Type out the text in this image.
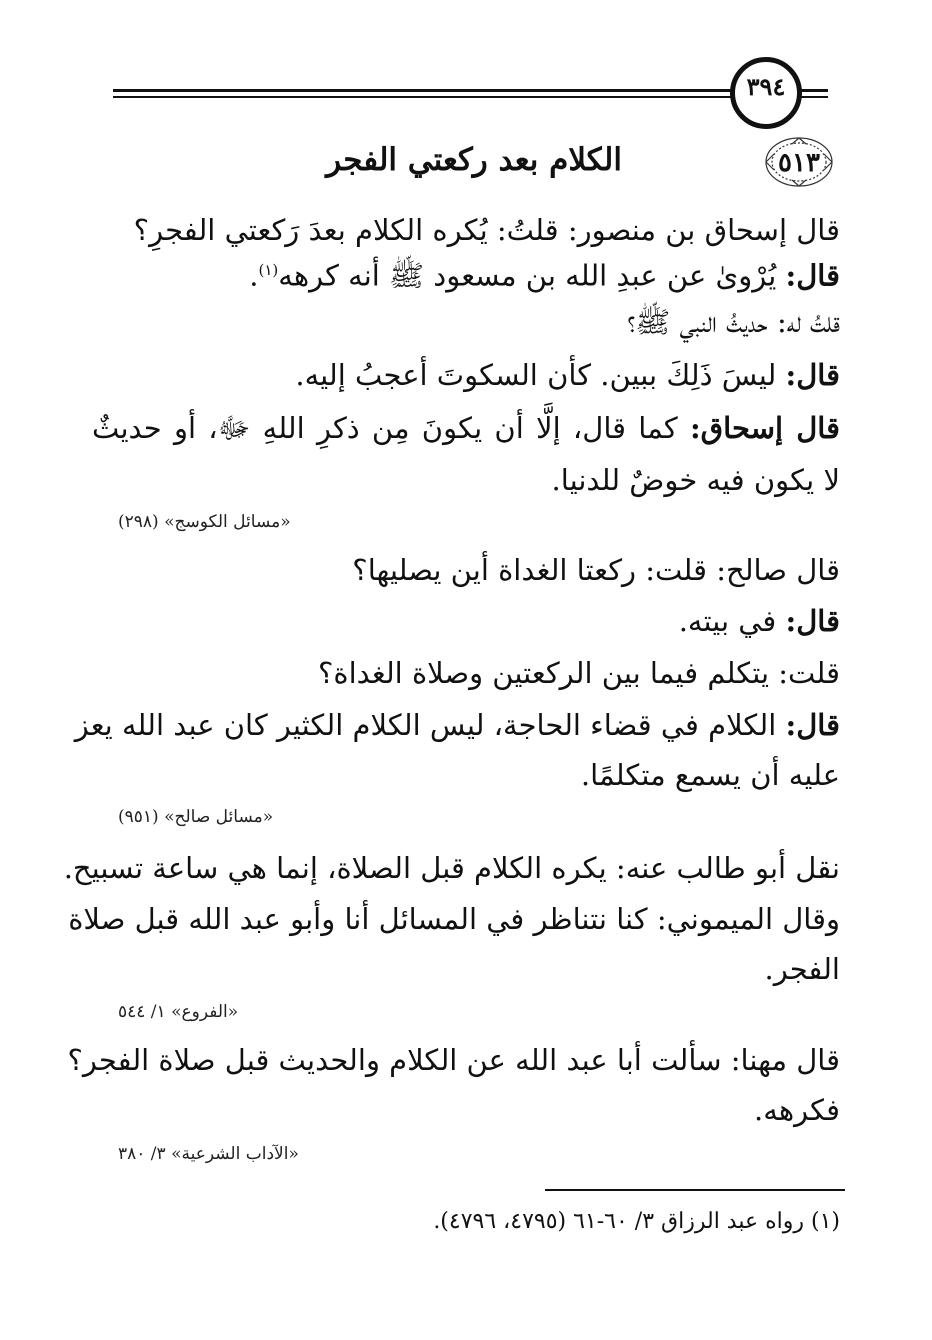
٣٩٤
٥١٣
الكلام بعد ركعتي الفجر
قال إسحاق بن منصور: قلتُ: يُكره الكلام بعدَ رَكعتي الفجرِ؟
قال: يُرْوىٰ عن عبدِ الله بن مسعود ﷺ أنه كرهه$^{(١)}$.
قلتُ له: حديثُ النبي ﷺ؟
قال: ليسَ ذَلِكَ ببين. كأن السكوتَ أعجبُ إليه.
قال إسحاق: كما قال، إلَّا أن يكونَ مِن ذكرِ اللهِ ﷻ، أو حديثٌ
لا يكون فيه خوضٌ للدنيا.
«مسائل الكوسج» (٢٩٨)
قال صالح: قلت: ركعتا الغداة أين يصليها؟
قال: في بيته.
قلت: يتكلم فيما بين الركعتين وصلاة الغداة؟
قال: الكلام في قضاء الحاجة، ليس الكلام الكثير كان عبد الله يعز
عليه أن يسمع متكلمًا.
«مسائل صالح» (٩٥١)
نقل أبو طالب عنه: يكره الكلام قبل الصلاة، إنما هي ساعة تسبيح.
وقال الميموني: كنا نتناظر في المسائل أنا وأبو عبد الله قبل صلاة
الفجر.
«الفروع» ١/ ٥٤٤
قال مهنا: سألت أبا عبد الله عن الكلام والحديث قبل صلاة الفجر؟
فكرهه.
«الآداب الشرعية» ٣/ ٣٨٠
(١) رواه عبد الرزاق ٣/ ٦٠-٦١ (٤٧٩٥، ٤٧٩٦).
